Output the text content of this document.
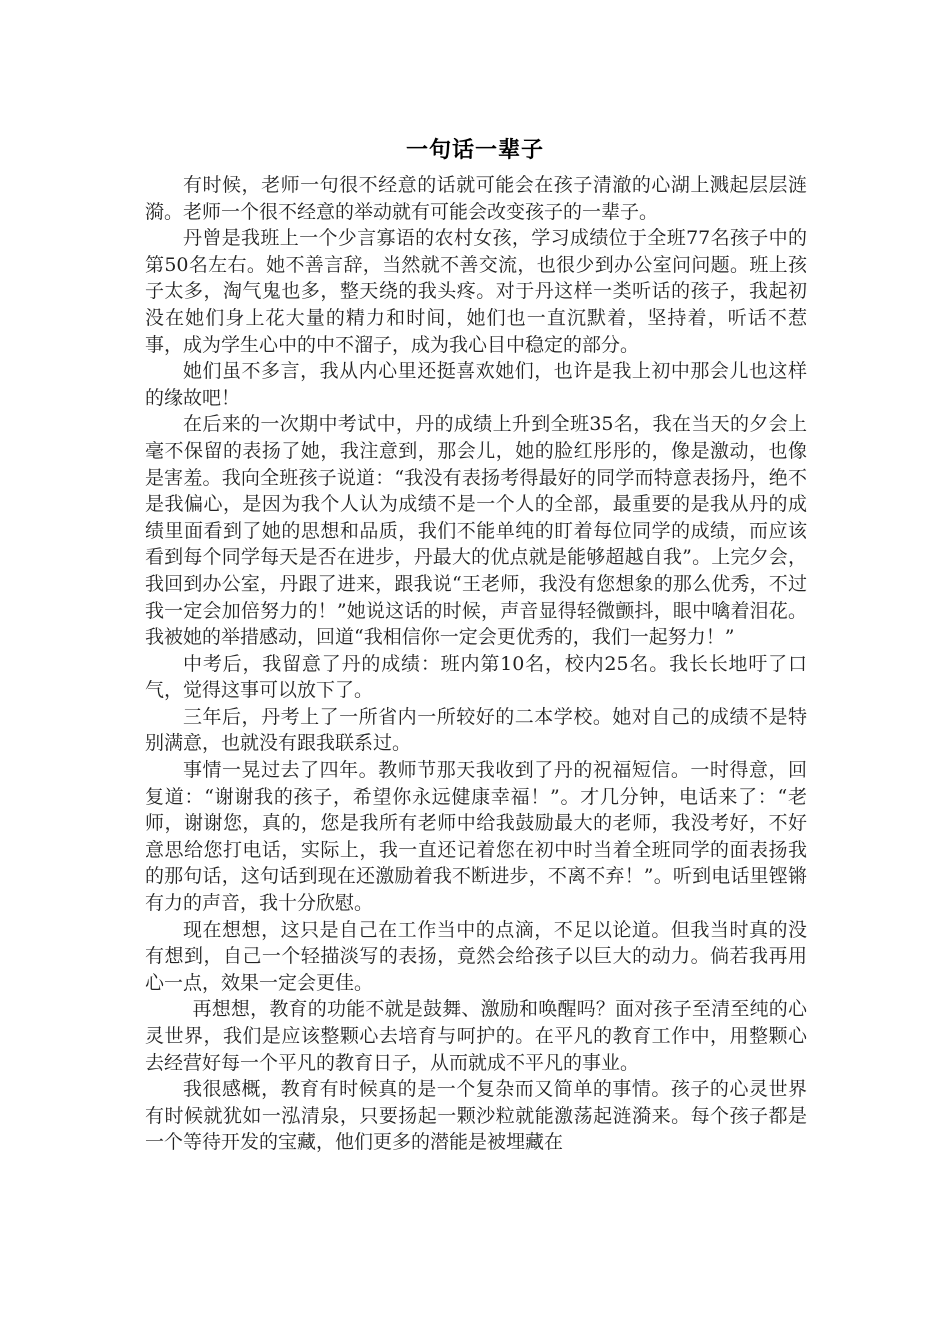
一句话一辈子

有时候，老师一句很不经意的话就可能会在孩子清澈的心湖上溅起层层涟漪。老师一个很不经意的举动就有可能会改变孩子的一辈子。

丹曾是我班上一个少言寡语的农村女孩，学习成绩位于全班77名孩子中的第50名左右。她不善言辞，当然就不善交流，也很少到办公室问问题。班上孩子太多，淘气鬼也多，整天绕的我头疼。对于丹这样一类听话的孩子，我起初没在她们身上花大量的精力和时间，她们也一直沉默着，坚持着，听话不惹事，成为学生心中的中不溜子，成为我心目中稳定的部分。

她们虽不多言，我从内心里还挺喜欢她们，也许是我上初中那会儿也这样的缘故吧！

在后来的一次期中考试中，丹的成绩上升到全班35名，我在当天的夕会上毫不保留的表扬了她，我注意到，那会儿，她的脸红彤彤的，像是激动，也像是害羞。我向全班孩子说道：“我没有表扬考得最好的同学而特意表扬丹，绝不是我偏心，是因为我个人认为成绩不是一个人的全部，最重要的是我从丹的成绩里面看到了她的思想和品质，我们不能单纯的盯着每位同学的成绩，而应该看到每个同学每天是否在进步，丹最大的优点就是能够超越自我”。上完夕会，我回到办公室，丹跟了进来，跟我说“王老师，我没有您想象的那么优秀，不过我一定会加倍努力的！”她说这话的时候，声音显得轻微颤抖，眼中噙着泪花。我被她的举措感动，回道“我相信你一定会更优秀的，我们一起努力！”

中考后，我留意了丹的成绩：班内第10名，校内25名。我长长地吁了口气，觉得这事可以放下了。

三年后，丹考上了一所省内一所较好的二本学校。她对自己的成绩不是特别满意，也就没有跟我联系过。

事情一晃过去了四年。教师节那天我收到了丹的祝福短信。一时得意，回复道：“谢谢我的孩子，希望你永远健康幸福！”。才几分钟，电话来了：“老师，谢谢您，真的，您是我所有老师中给我鼓励最大的老师，我没考好，不好意思给您打电话，实际上，我一直还记着您在初中时当着全班同学的面表扬我的那句话，这句话到现在还激励着我不断进步，不离不弃！”。听到电话里铿锵有力的声音，我十分欣慰。

现在想想，这只是自己在工作当中的点滴，不足以论道。但我当时真的没有想到，自己一个轻描淡写的表扬，竟然会给孩子以巨大的动力。倘若我再用心一点，效果一定会更佳。

再想想，教育的功能不就是鼓舞、激励和唤醒吗？面对孩子至清至纯的心灵世界，我们是应该整颗心去培育与呵护的。在平凡的教育工作中，用整颗心去经营好每一个平凡的教育日子，从而就成不平凡的事业。

我很感概，教育有时候真的是一个复杂而又简单的事情。孩子的心灵世界有时候就犹如一泓清泉，只要扬起一颗沙粒就能激荡起涟漪来。每个孩子都是一个等待开发的宝藏，他们更多的潜能是被埋藏在
